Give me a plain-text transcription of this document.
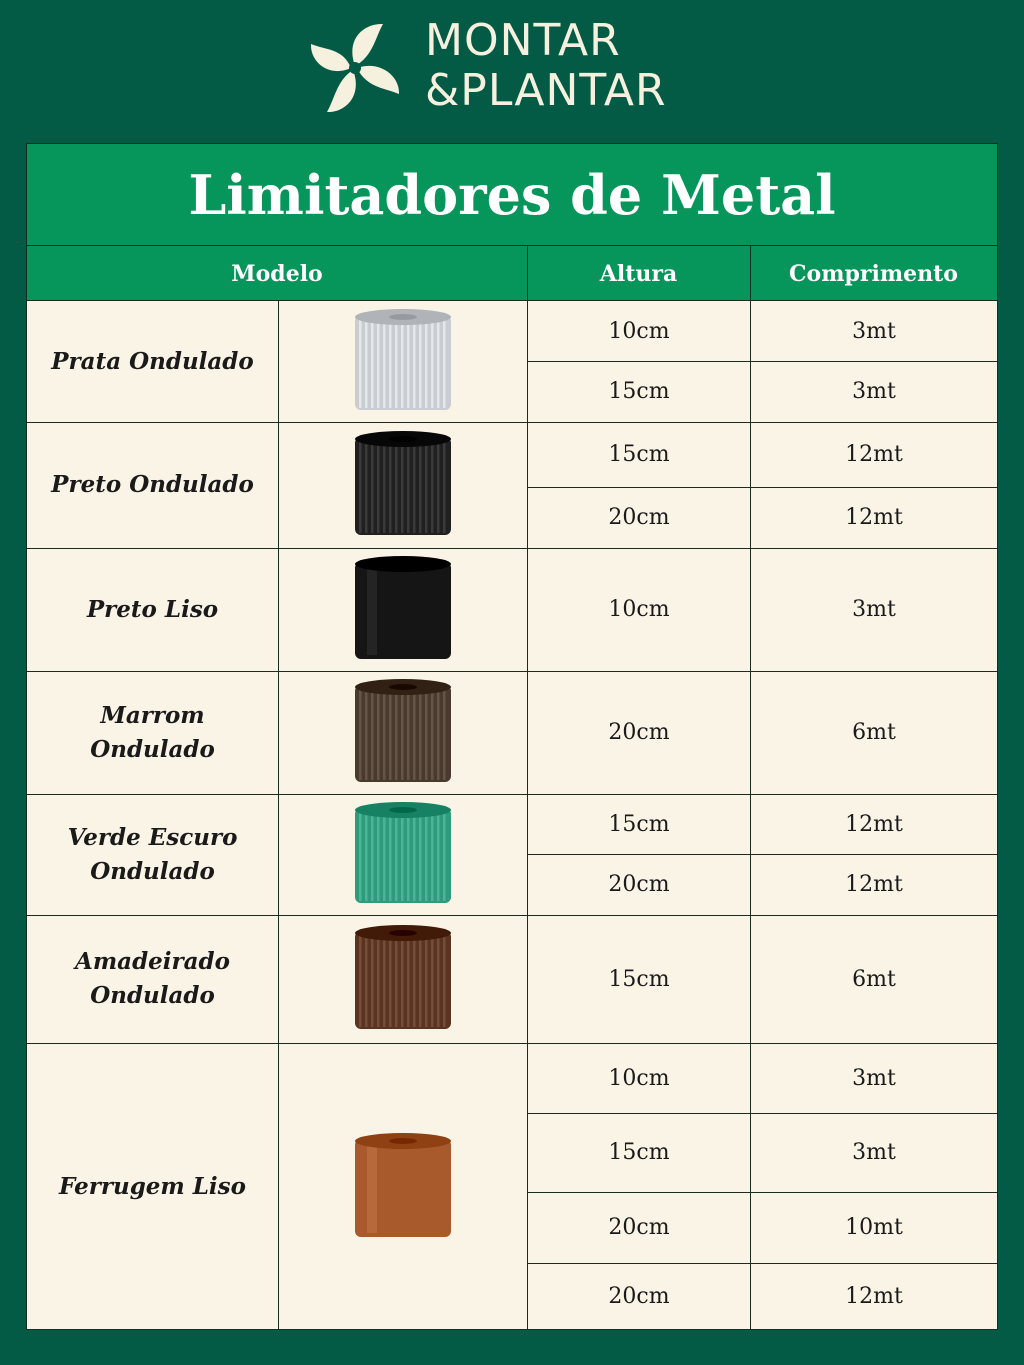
MONTAR
&PLANTAR
Limitadores de Metal
Modelo	Altura	Comprimento
Prata Ondulado
10cm	3mt
15cm	3mt
Preto Ondulado
15cm	12mt
20cm	12mt
Preto Liso	10cm	3mt
Marrom Ondulado
20cm	6mt
Verde Escuro
Ondulado
15cm	12mt
20cm	12mt
Amadeirado
Ondulado
15cm	6mt
Ferrugem Liso
10cm	3mt
15cm	3mt
20cm	10mt
20cm	12mt
